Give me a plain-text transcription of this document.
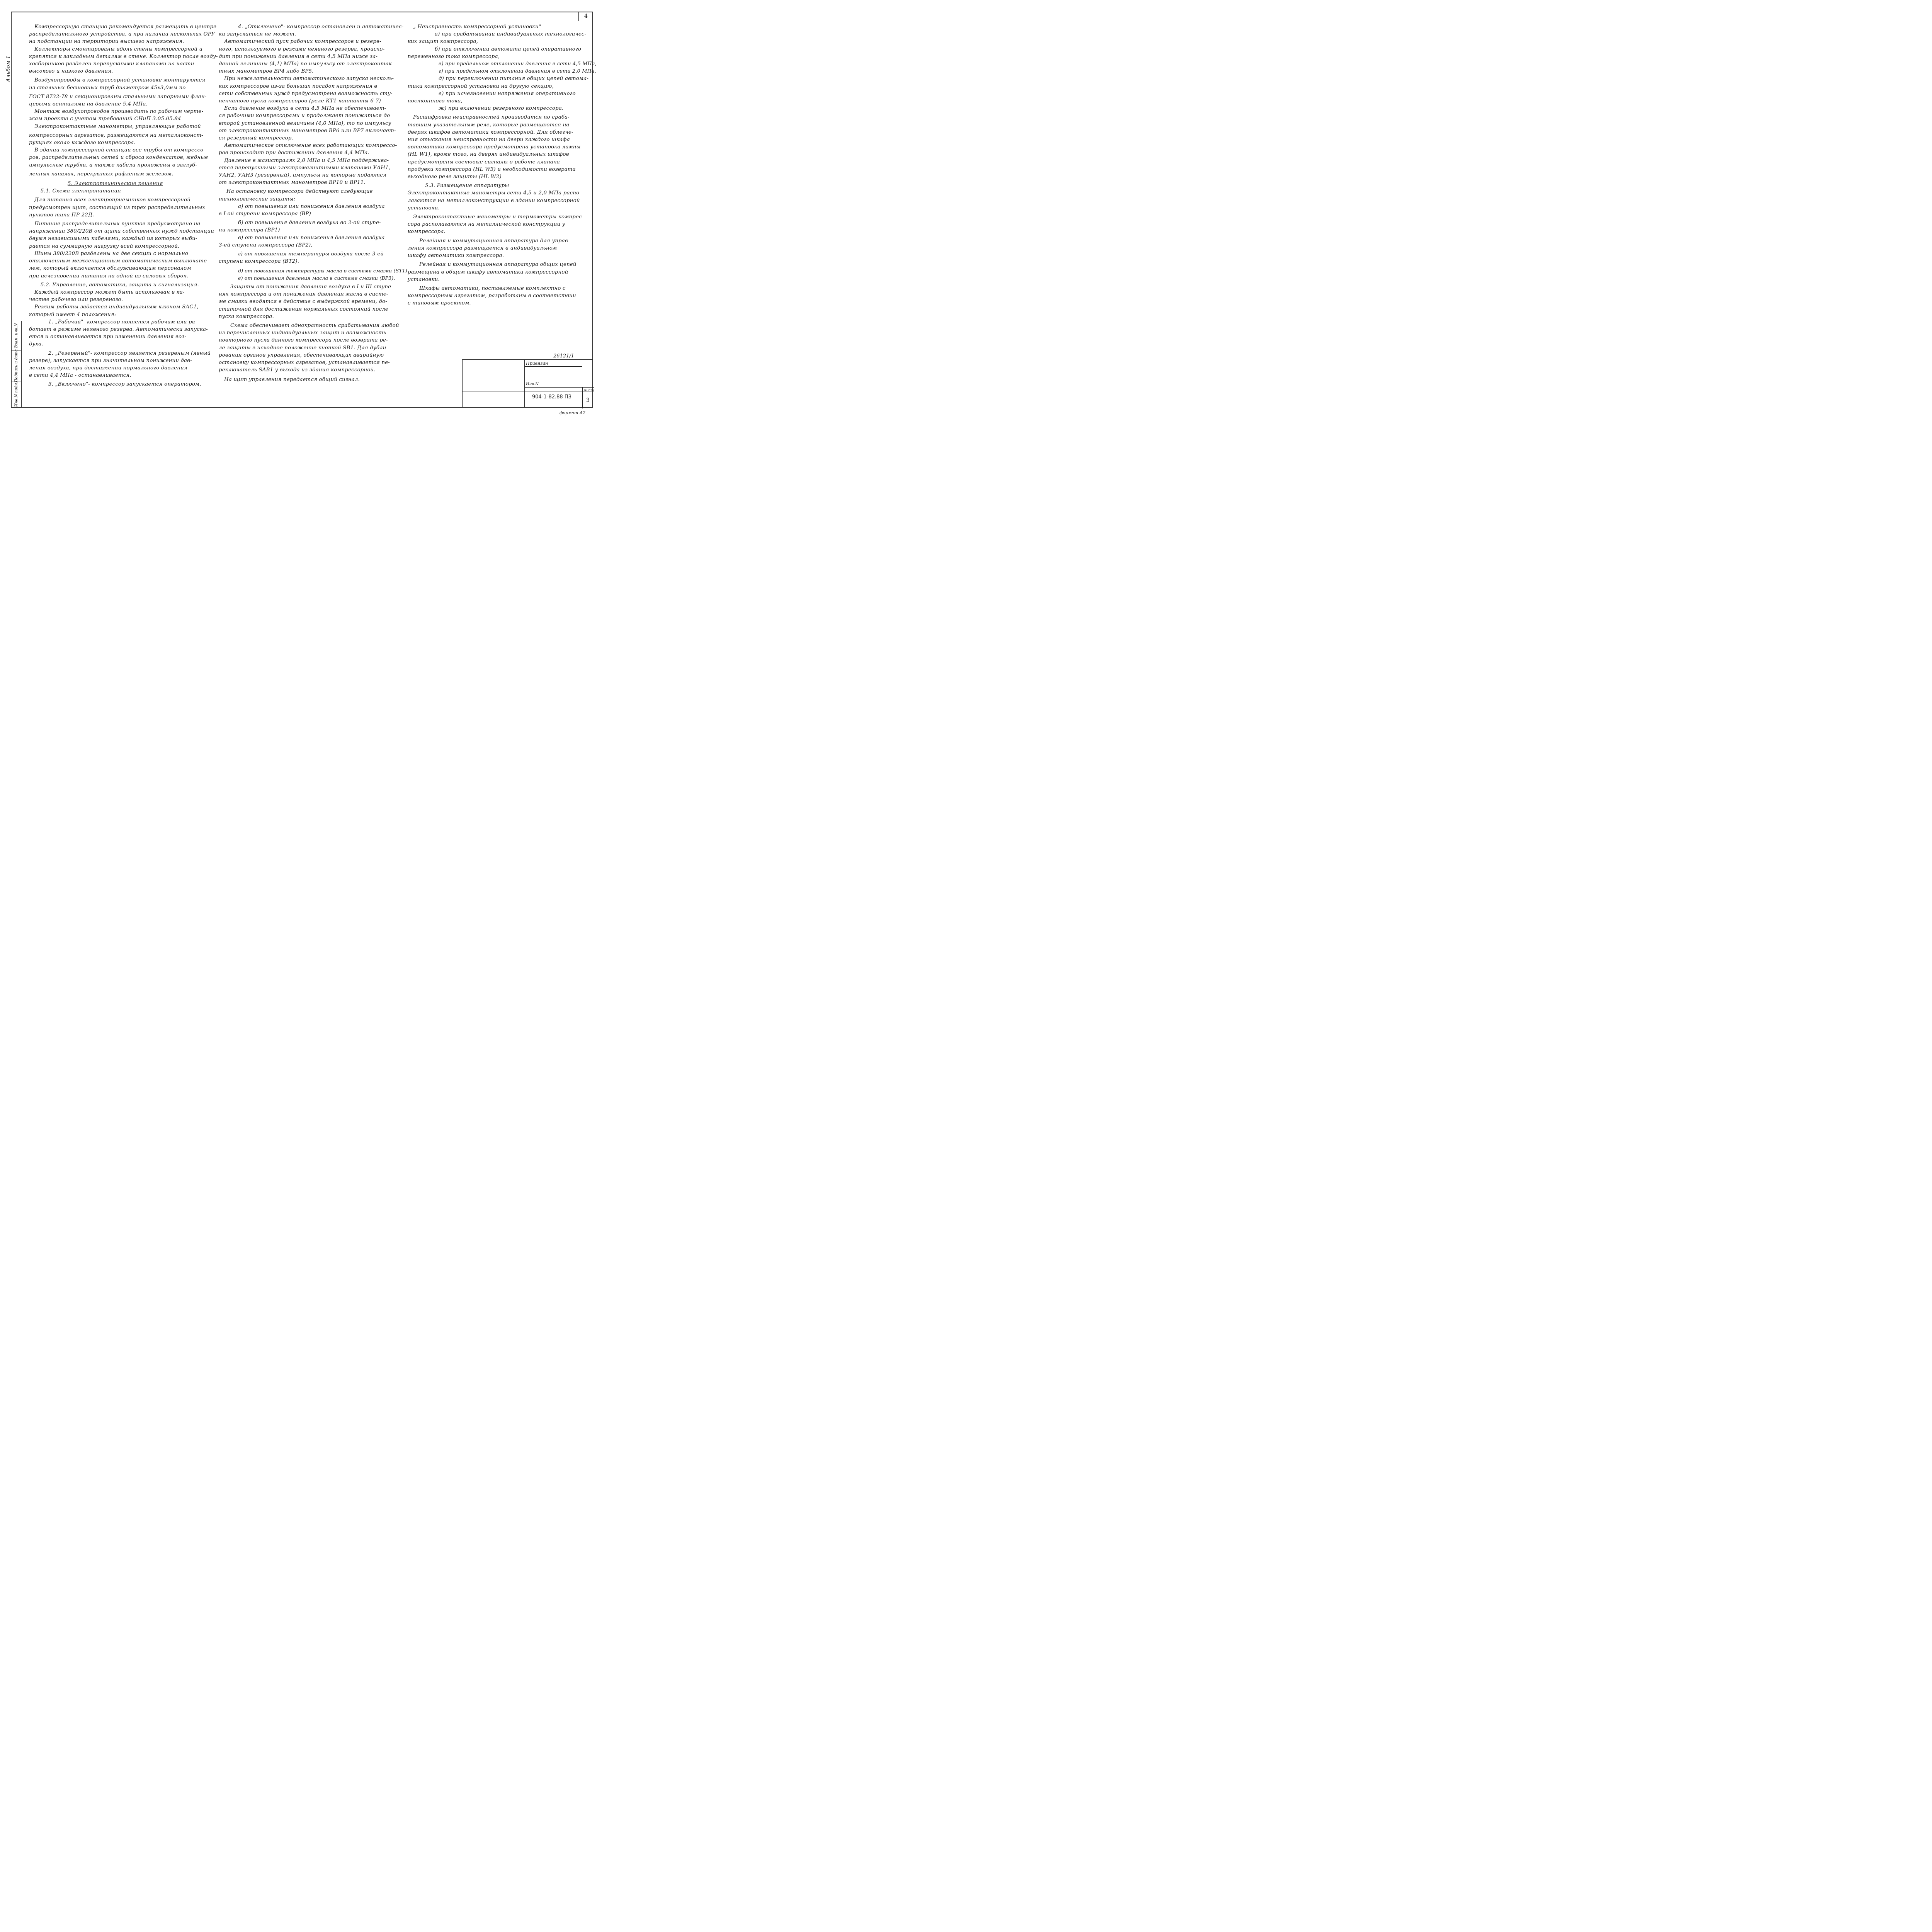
4
Альбом 1
Взам. инв.N
Подпись и дата
Инв.N подл.

Компрессорную станцию рекомендуется размещать в центре

распределительного устройства, а при наличии нескольких ОРУ

на подстанции на территории высшего напряжения.

Коллекторы смонтированы вдоль стены компрессорной и

крепятся к закладным деталям в стене. Коллектор после возду-

хосборников разделен перепускными клапанами на части

высокого и низкого давления.

Воздухопроводы в компрессорной установке монтируются

из стальных бесшовных труб диаметром 45х3,0мм по

ГОСТ 8732-78 и секционированы стальными запорными флан-

цевыми вентилями на давление 5,4 МПа.

Монтаж воздухопроводов производить по рабочим черте-

жам проекта с учетом требований СНиП 3.05.05.84

Электроконтактные манометры, управляющие работой

компрессорных агрегатов, размещаются на металлоконст-

рукциях около каждого компрессора.

В здании компрессорной станции все трубы от компрессо-

ров, распределительных сетей и сброса конденсатов, медные

импульсные трубки, а также кабели проложены в заглуб-

ленных каналах, перекрытых рифленым железом.

5. Электротехнические решения

5.1. Схема электропитания

Для питания всех электроприемников компрессорной

предусмотрен щит, состоящий из трех распределительных

пунктов типа ПР-22Д.

Питание распределительных пунктов предусмотрено на

напряжении 380/220В от щита собственных нужд подстанции

двумя независимыми кабелями, каждый из которых выби-

рается на суммарную нагрузку всей компрессорной.

Шины 380/220В разделены на две секции с нормально

отключенным межсекционным автоматическим выключате-

лем, который включается обслуживающим персоналом

при исчезновении питания на одной из силовых сборок.

5.2. Управление, автоматика, защита и сигнализация.

Каждый компрессор может быть использован в ка-

честве рабочего или резервного.

Режим работы задается индивидуальным ключом SAC1,

который имеет 4 положения:

1. „Рабочий"- компрессор является рабочим или ра-

ботает в режиме неявного резерва. Автоматически запуска-

ется и останавливается при изменении давления воз-

духа.

2. „Резервный"- компрессор является резервным (явный

резерв), запускается при значительном понижении дав-

ления воздуха, при достижении нормального давления

в сети 4,4 МПа - останавливается.

3. „Включено"- компрессор запускается оператором.

4. „Отключено"- компрессор остановлен и автоматичес-

ки запускаться не может.

Автоматический пуск рабочих компрессоров и резерв-

ного, используемого в режиме неявного резерва, происхо-

дит при понижении давления в сети 4,5 МПа ниже за-

данной величины (4,1) МПа) по импульсу от электроконтак-

тных манометров ВР4 либо ВР5.

При нежелательности автоматического запуска несколь-

ких компрессоров из-за больших посадок напряжения в

сети собственных нужд предусмотрена возможность сту-

пенчатого пуска компрессоров (реле КТ1 контакты 6-7)

Если давление воздуха в сети 4,5 МПа не обеспечивает-

ся рабочими компрессорами и продолжает понижаться до

второй установленной величины (4,0 МПа), то по импульсу

от электроконтактных манометров ВР6 или ВР7 включает-

ся резервный компрессор.

Автоматическое отключение всех работающих компрессо-

ров происходит при достижении давления 4,4 МПа.

Давление в магистралях 2,0 МПа и 4,5 МПа поддержива-

ется перепускными электромагнитными клапанами УАН1,

УАН2, УАН3 (резервный), импульсы на которые подаются

от электроконтактных манометров ВР10 и ВР11.

На остановку компрессора действуют следующие

технологические защиты:

а) от повышения или понижения давления воздуха

в I-ой ступени компрессора (ВР)

б) от повышения давления воздуха во 2-ой ступе-

ни компрессора (ВР1)

в) от повышения или понижения давления воздуха

3-ей ступени компрессора (ВР2),

г) от повышения температуры воздуха после 3-ей

ступени компрессора (ВТ2).

д) от повышения температуры масла в системе смазки (ST1)

е) от повышения давления масла в системе смазки (ВР3).

Защиты от понижения давления воздуха в I и III ступе-

нях компрессора и от понижения давления масла в систе-

ме смазки вводятся в действие с выдержкой времени, до-

статочной для достижения нормальных состояний после

пуска компрессора.

Схема обеспечивает однократность срабатывания любой

из перечисленных индивидуальных защит и возможность

повторного пуска данного компрессора после возврата ре-

ле защиты в исходное положение кнопкой SB1. Для дубли-

рования органов управления, обеспечивающих аварийную

остановку компрессорных агрегатов, устанавливается пе-

реключатель SAB1 у выхода из здания компрессорной.

На щит управления передается общий сигнал.

„ Неисправность компрессорной установки"

а) при срабатывании индивидуальных технологичес-

ких защит компрессора,

б) при отключении автомата цепей оперативного

переменного тока компрессора,

в) при предельном отклонении давления в сети 4,5 МПа,

г) при предельном отклонении давления в сети 2,0 МПа,

д) при переключении питания общих цепей автома-

тики компрессорной установки на другую секцию,

е) при исчезновении напряжения оперативного

постоянного тока,

ж) при включении резервного компрессора.

Расшифровка неисправностей производится по сраба-

тавшим указательным реле, которые размещаются на

дверях шкафов автоматики компрессорной. Для облегче-

ния отыскания неисправности на двери каждого шкафа

автоматики компрессора предусмотрена установка лампы

(HL W1), кроме того, на дверях индивидуальных шкафов

предусмотрены световые сигналы о работе клапана

продувки компрессора (HL W3) и необходимости возврата

выходного реле защиты (HL W2)

5.3. Размещение аппаратуры

Электроконтактные манометры сети 4,5 и 2,0 МПа распо-

лагаются на металлоконструкции в здании компрессорной

установки.

Электроконтактные манометры и термометры компрес-

сора располагаются на металлической конструкции у

компрессора.

Релейная и коммутационная аппаратура для управ-

ления компрессора размещается в индивидуальном

шкафу автоматики компрессора.

Релейная и коммутационная аппаратура общих цепей

размещена в общем шкафу автоматики компрессорной

установки.

Шкафы автоматики, поставляемые комплектно с

компрессорным агрегатом, разработаны в соответствии

с типовым проектом.

26121/1
Привязан
Инв.N
904-1-82.88 ПЗ
Лист
3
формат А2
